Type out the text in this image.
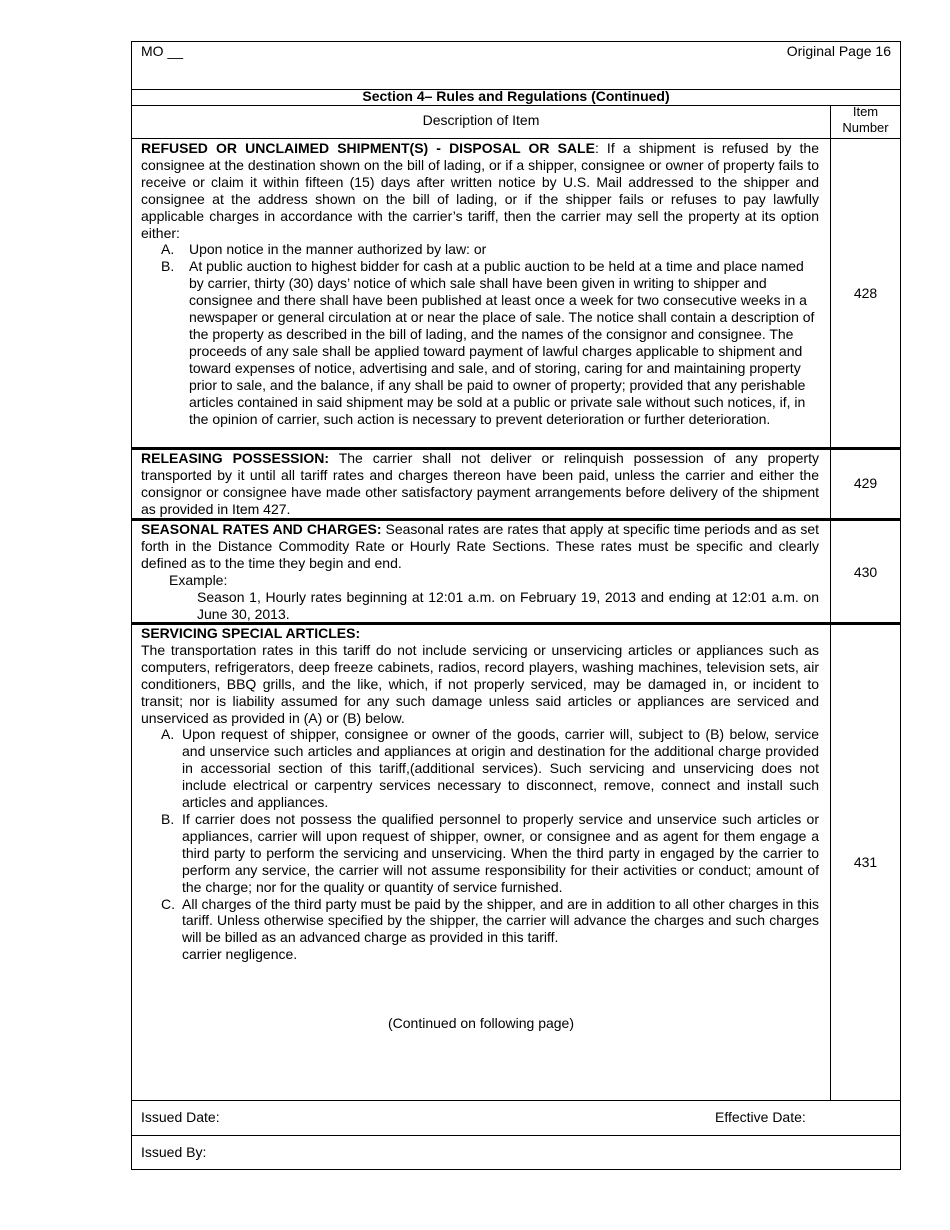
MO __	Original Page 16
Section 4– Rules and Regulations (Continued)
Description of Item
Item
Number
REFUSED OR UNCLAIMED SHIPMENT(S) - DISPOSAL OR SALE: If a shipment is refused by the consignee at the destination shown on the bill of lading, or if a shipper, consignee or owner of property fails to receive or claim it within fifteen (15) days after written notice by U.S. Mail addressed to the shipper and consignee at the address shown on the bill of lading, or if the shipper fails or refuses to pay lawfully applicable charges in accordance with the carrier’s tariff, then the carrier may sell the property at its option either:
A. Upon notice in the manner authorized by law: or
B. At public auction to highest bidder for cash at a public auction to be held at a time and place named by carrier, thirty (30) days’ notice of which sale shall have been given in writing to shipper and consignee and there shall have been published at least once a week for two consecutive weeks in a newspaper or general circulation at or near the place of sale. The notice shall contain a description of the property as described in the bill of lading, and the names of the consignor and consignee. The proceeds of any sale shall be applied toward payment of lawful charges applicable to shipment and toward expenses of notice, advertising and sale, and of storing, caring for and maintaining property prior to sale, and the balance, if any shall be paid to owner of property; provided that any perishable articles contained in said shipment may be sold at a public or private sale without such notices, if, in the opinion of carrier, such action is necessary to prevent deterioration or further deterioration.
428
RELEASING POSSESSION: The carrier shall not deliver or relinquish possession of any property transported by it until all tariff rates and charges thereon have been paid, unless the carrier and either the consignor or consignee have made other satisfactory payment arrangements before delivery of the shipment as provided in Item 427.
429
SEASONAL RATES AND CHARGES: Seasonal rates are rates that apply at specific time periods and as set forth in the Distance Commodity Rate or Hourly Rate Sections. These rates must be specific and clearly defined as to the time they begin and end.
Example:
Season 1, Hourly rates beginning at 12:01 a.m. on February 19, 2013 and ending at 12:01 a.m. on June 30, 2013.
430
SERVICING SPECIAL ARTICLES:
The transportation rates in this tariff do not include servicing or unservicing articles or appliances such as computers, refrigerators, deep freeze cabinets, radios, record players, washing machines, television sets, air conditioners, BBQ grills, and the like, which, if not properly serviced, may be damaged in, or incident to transit; nor is liability assumed for any such damage unless said articles or appliances are serviced and unserviced as provided in (A) or (B) below.
A. Upon request of shipper, consignee or owner of the goods, carrier will, subject to (B) below, service and unservice such articles and appliances at origin and destination for the additional charge provided in accessorial section of this tariff,(additional services). Such servicing and unservicing does not include electrical or carpentry services necessary to disconnect, remove, connect and install such articles and appliances.
B. If carrier does not possess the qualified personnel to properly service and unservice such articles or appliances, carrier will upon request of shipper, owner, or consignee and as agent for them engage a third party to perform the servicing and unservicing. When the third party in engaged by the carrier to perform any service, the carrier will not assume responsibility for their activities or conduct; amount of the charge; nor for the quality or quantity of service furnished.
C. All charges of the third party must be paid by the shipper, and are in addition to all other charges in this tariff. Unless otherwise specified by the shipper, the carrier will advance the charges and such charges will be billed as an advanced charge as provided in this tariff.
carrier negligence.
431
(Continued on following page)
Issued Date:	Effective Date:
Issued By:
